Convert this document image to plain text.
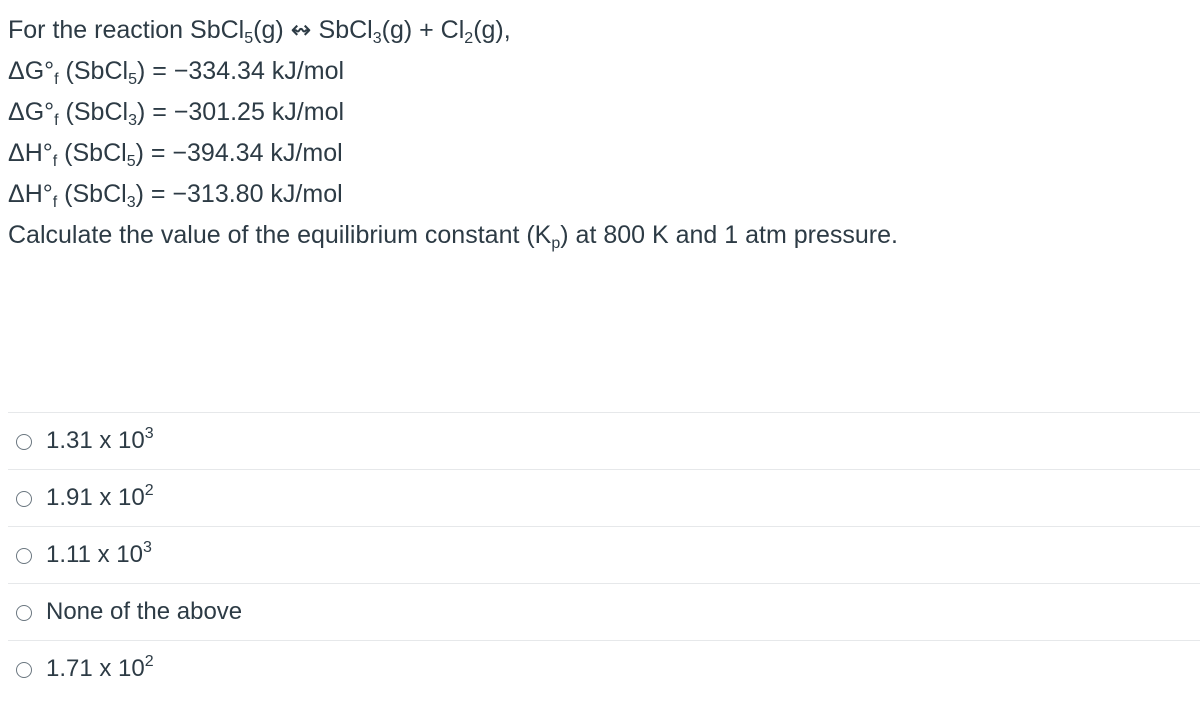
For the reaction SbCl$_5$(g) ↭ SbCl$_3$(g) + $Cl_2(g)$,
$\Delta G^\circ_f$ (SbCl$_5$) = −334.34 kJ/mol
$\Delta G^\circ_f$ (SbCl$_3$) = −301.25 kJ/mol
$\Delta H^\circ_f$ (SbCl$_5$) = −394.34 kJ/mol
$\Delta H^\circ_f$ (SbCl$_3$) = −313.80 kJ/mol
Calculate the value of the equilibrium constant $(K_p)$ at 800 K and 1 atm pressure.
1.31 x $10^3$
1.91 x $10^2$
1.11 x $10^3$
None of the above
1.71 x $10^2$
